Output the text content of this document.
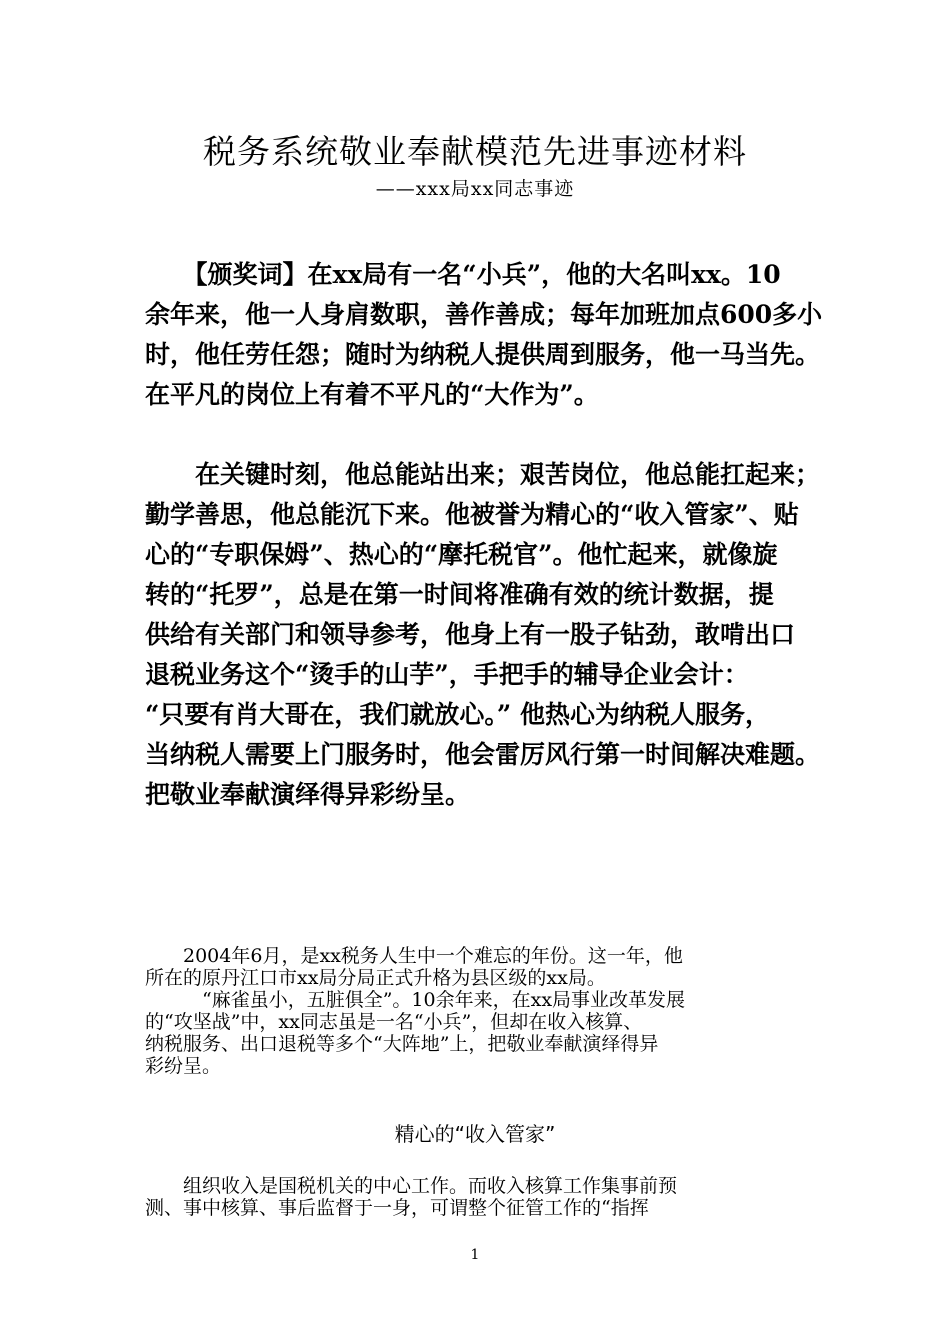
税务系统敬业奉献模范先进事迹材料
——xxx局xx同志事迹
　　【颁奖词】在xx局有一名“小兵”，他的大名叫xx。10
余年来，他一人身肩数职，善作善成；每年加班加点600多小
时，他任劳任怨；随时为纳税人提供周到服务，他一马当先。
在平凡的岗位上有着不平凡的“大作为”。
　　在关键时刻，他总能站出来；艰苦岗位，他总能扛起来；
勤学善思，他总能沉下来。他被誉为精心的“收入管家”、贴
心的“专职保姆”、热心的“摩托税官”。他忙起来，就像旋
转的“托罗”，总是在第一时间将准确有效的统计数据，提
供给有关部门和领导参考，他身上有一股子钻劲，敢啃出口
退税业务这个“烫手的山芋”，手把手的辅导企业会计：
“只要有肖大哥在，我们就放心。” 他热心为纳税人服务，
当纳税人需要上门服务时，他会雷厉风行第一时间解决难题。
把敬业奉献演绎得异彩纷呈。
　　2004年6月，是xx税务人生中一个难忘的年份。这一年，他
所在的原丹江口市xx局分局正式升格为县区级的xx局。
　　　“麻雀虽小，五脏俱全”。10余年来，在xx局事业改革发展
的“攻坚战”中，xx同志虽是一名“小兵”，但却在收入核算、
纳税服务、出口退税等多个“大阵地”上，把敬业奉献演绎得异
彩纷呈。
精心的“收入管家”
　　组织收入是国税机关的中心工作。而收入核算工作集事前预
测、事中核算、事后监督于一身，可谓整个征管工作的“指挥
1
